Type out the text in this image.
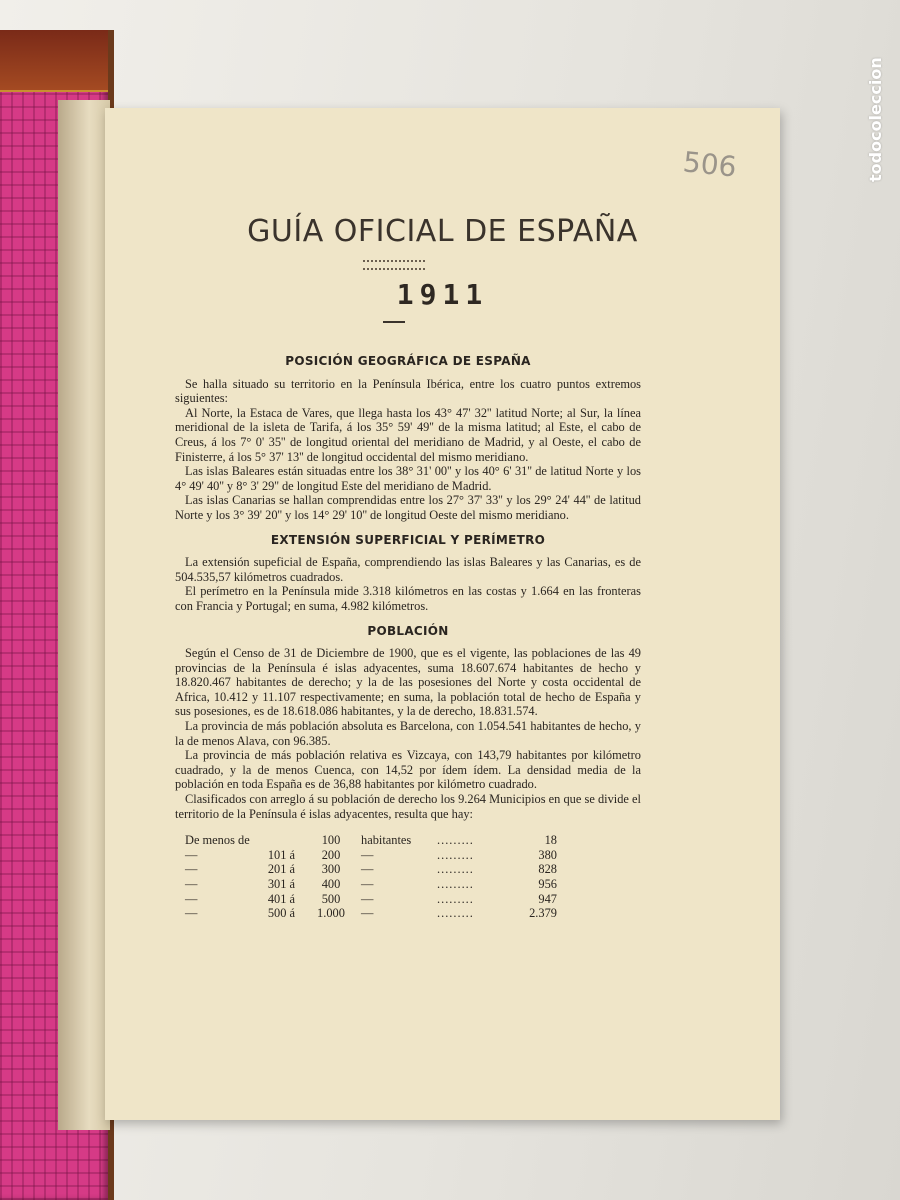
todocoleccion
506
GUÍA OFICIAL DE ESPAÑA
1911
POSICIÓN GEOGRÁFICA DE ESPAÑA

Se halla situado su territorio en la Península Ibérica, entre los cuatro puntos extremos siguientes:

Al Norte, la Estaca de Vares, que llega hasta los 43° 47' 32'' latitud Norte; al Sur, la línea meridional de la isleta de Tarifa, á los 35° 59' 49'' de la misma latitud; al Este, el cabo de Creus, á los 7° 0' 35'' de longitud oriental del meridiano de Madrid, y al Oeste, el cabo de Finisterre, á los 5° 37' 13'' de longitud occidental del mismo meridiano.

Las islas Baleares están situadas entre los 38° 31' 00'' y los 40° 6' 31'' de latitud Norte y los 4° 49' 40'' y 8° 3' 29'' de longitud Este del meridiano de Madrid.

Las islas Canarias se hallan comprendidas entre los 27° 37' 33'' y los 29° 24' 44'' de latitud Norte y los 3° 39' 20'' y los 14° 29' 10'' de longitud Oeste del mismo meridiano.

EXTENSIÓN SUPERFICIAL Y PERÍMETRO

La extensión supeficial de España, comprendiendo las islas Baleares y las Canarias, es de 504.535,57 kilómetros cuadrados.

El perímetro en la Península mide 3.318 kilómetros en las costas y 1.664 en las fronteras con Francia y Portugal; en suma, 4.982 kilómetros.

POBLACIÓN

Según el Censo de 31 de Diciembre de 1900, que es el vigente, las poblaciones de las 49 provincias de la Península é islas adyacentes, suma 18.607.674 habitantes de hecho y 18.820.467 habitantes de derecho; y la de las posesiones del Norte y costa occidental de Africa, 10.412 y 11.107 respectivamente; en suma, la población total de hecho de España y sus posesiones, es de 18.618.086 habitantes, y la de derecho, 18.831.574.

La provincia de más población absoluta es Barcelona, con 1.054.541 habitantes de hecho, y la de menos Alava, con 96.385.

La provincia de más población relativa es Vizcaya, con 143,79 habitantes por kilómetro cuadrado, y la de menos Cuenca, con 14,52 por ídem ídem. La densidad media de la población en toda España es de 36,88 habitantes por kilómetro cuadrado.

Clasificados con arreglo á su población de derecho los 9.264 Municipios en que se divide el territorio de la Península é islas adyacentes, resulta que hay:

De menos de		100	habitantes	.........	18
—	101 á	200	—	.........	380
—	201 á	300	—	.........	828
—	301 á	400	—	.........	956
—	401 á	500	—	.........	947
—	500 á	1.000	—	.........	2.379
